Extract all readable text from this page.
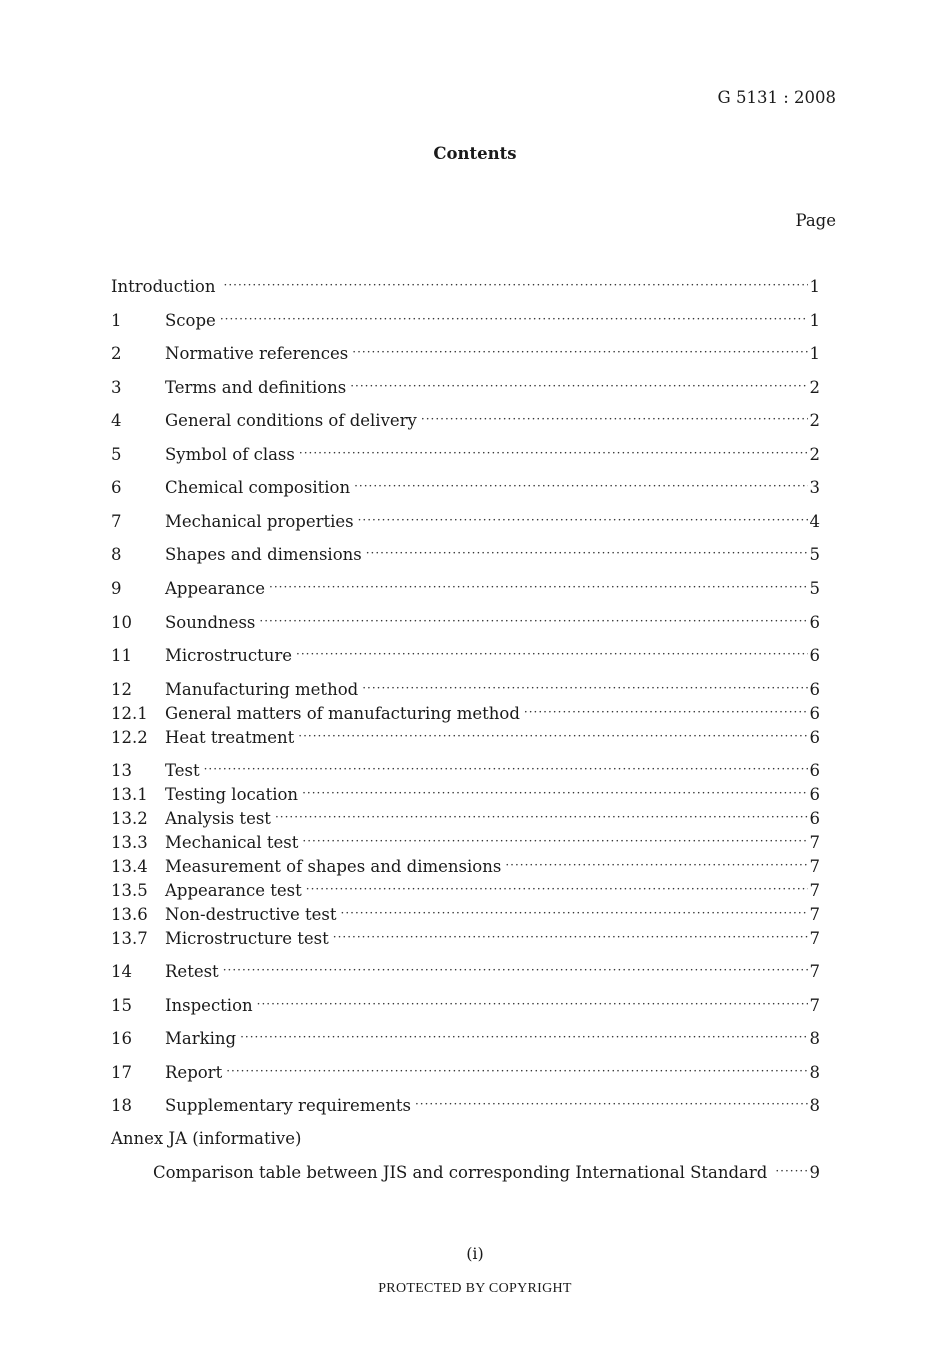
G 5131 : 2008
Contents
Page
Introduction ·····	1
1	Scope ·····	1
2	Normative references ·····	1
3	Terms and definitions ·····	2
4	General conditions of delivery ·····	2
5	Symbol of class ·····	2
6	Chemical composition ·····	3
7	Mechanical properties ·····	4
8	Shapes and dimensions ·····	5
9	Appearance ·····	5
10	Soundness ·····	6
11	Microstructure ·····	6
12	Manufacturing method ·····	6
12.1	General matters of manufacturing method ·····	6
12.2	Heat treatment ·····	6
13	Test ·····	6
13.1	Testing location ·····	6
13.2	Analysis test ·····	6
13.3	Mechanical test ·····	7
13.4	Measurement of shapes and dimensions ·····	7
13.5	Appearance test ·····	7
13.6	Non-destructive test ·····	7
13.7	Microstructure test ·····	7
14	Retest ·····	7
15	Inspection ·····	7
16	Marking ·····	8
17	Report ·····	8
18	Supplementary requirements ·····	8
Annex JA (informative)
Comparison table between JIS and corresponding International Standard ·····	9
(i)
PROTECTED BY COPYRIGHT
